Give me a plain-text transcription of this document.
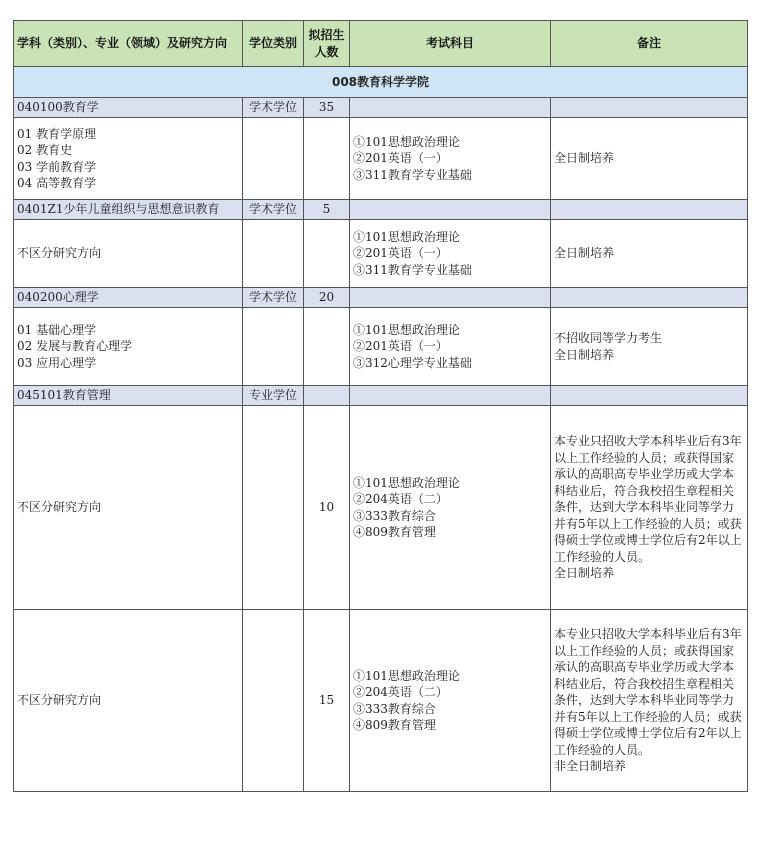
学科（类别）、专业（领域）及研究方向	学位类别	拟招生人数	考试科目	备注
008教育科学学院				
040100教育学	学术学位	35		

01 教育学原理
02 教育史
03 学前教育学
04 高等教育学			①101思想政治理论
②201英语（一）
③311教育学专业基础	全日制培养

0401Z1少年儿童组织与思想意识教育	学术学位	5		

不区分研究方向			①101思想政治理论
②201英语（一）
③311教育学专业基础	全日制培养

040200心理学	学术学位	20		

01 基础心理学
02 发展与教育心理学
03 应用心理学			①101思想政治理论
②201英语（一）
③312心理学专业基础	不招收同等学力考生
全日制培养

045101教育管理	专业学位			

不区分研究方向		10	①101思想政治理论
②204英语（二）
③333教育综合
④809教育管理	本专业只招收大学本科毕业后有3年以上工作经验的人员；或获得国家承认的高职高专毕业学历或大学本科结业后，符合我校招生章程相关条件，达到大学本科毕业同等学力并有5年以上工作经验的人员；或获得硕士学位或博士学位后有2年以上工作经验的人员。
全日制培养

不区分研究方向		15	①101思想政治理论
②204英语（二）
③333教育综合
④809教育管理	本专业只招收大学本科毕业后有3年以上工作经验的人员；或获得国家承认的高职高专毕业学历或大学本科结业后，符合我校招生章程相关条件，达到大学本科毕业同等学力并有5年以上工作经验的人员；或获得硕士学位或博士学位后有2年以上工作经验的人员。
非全日制培养
